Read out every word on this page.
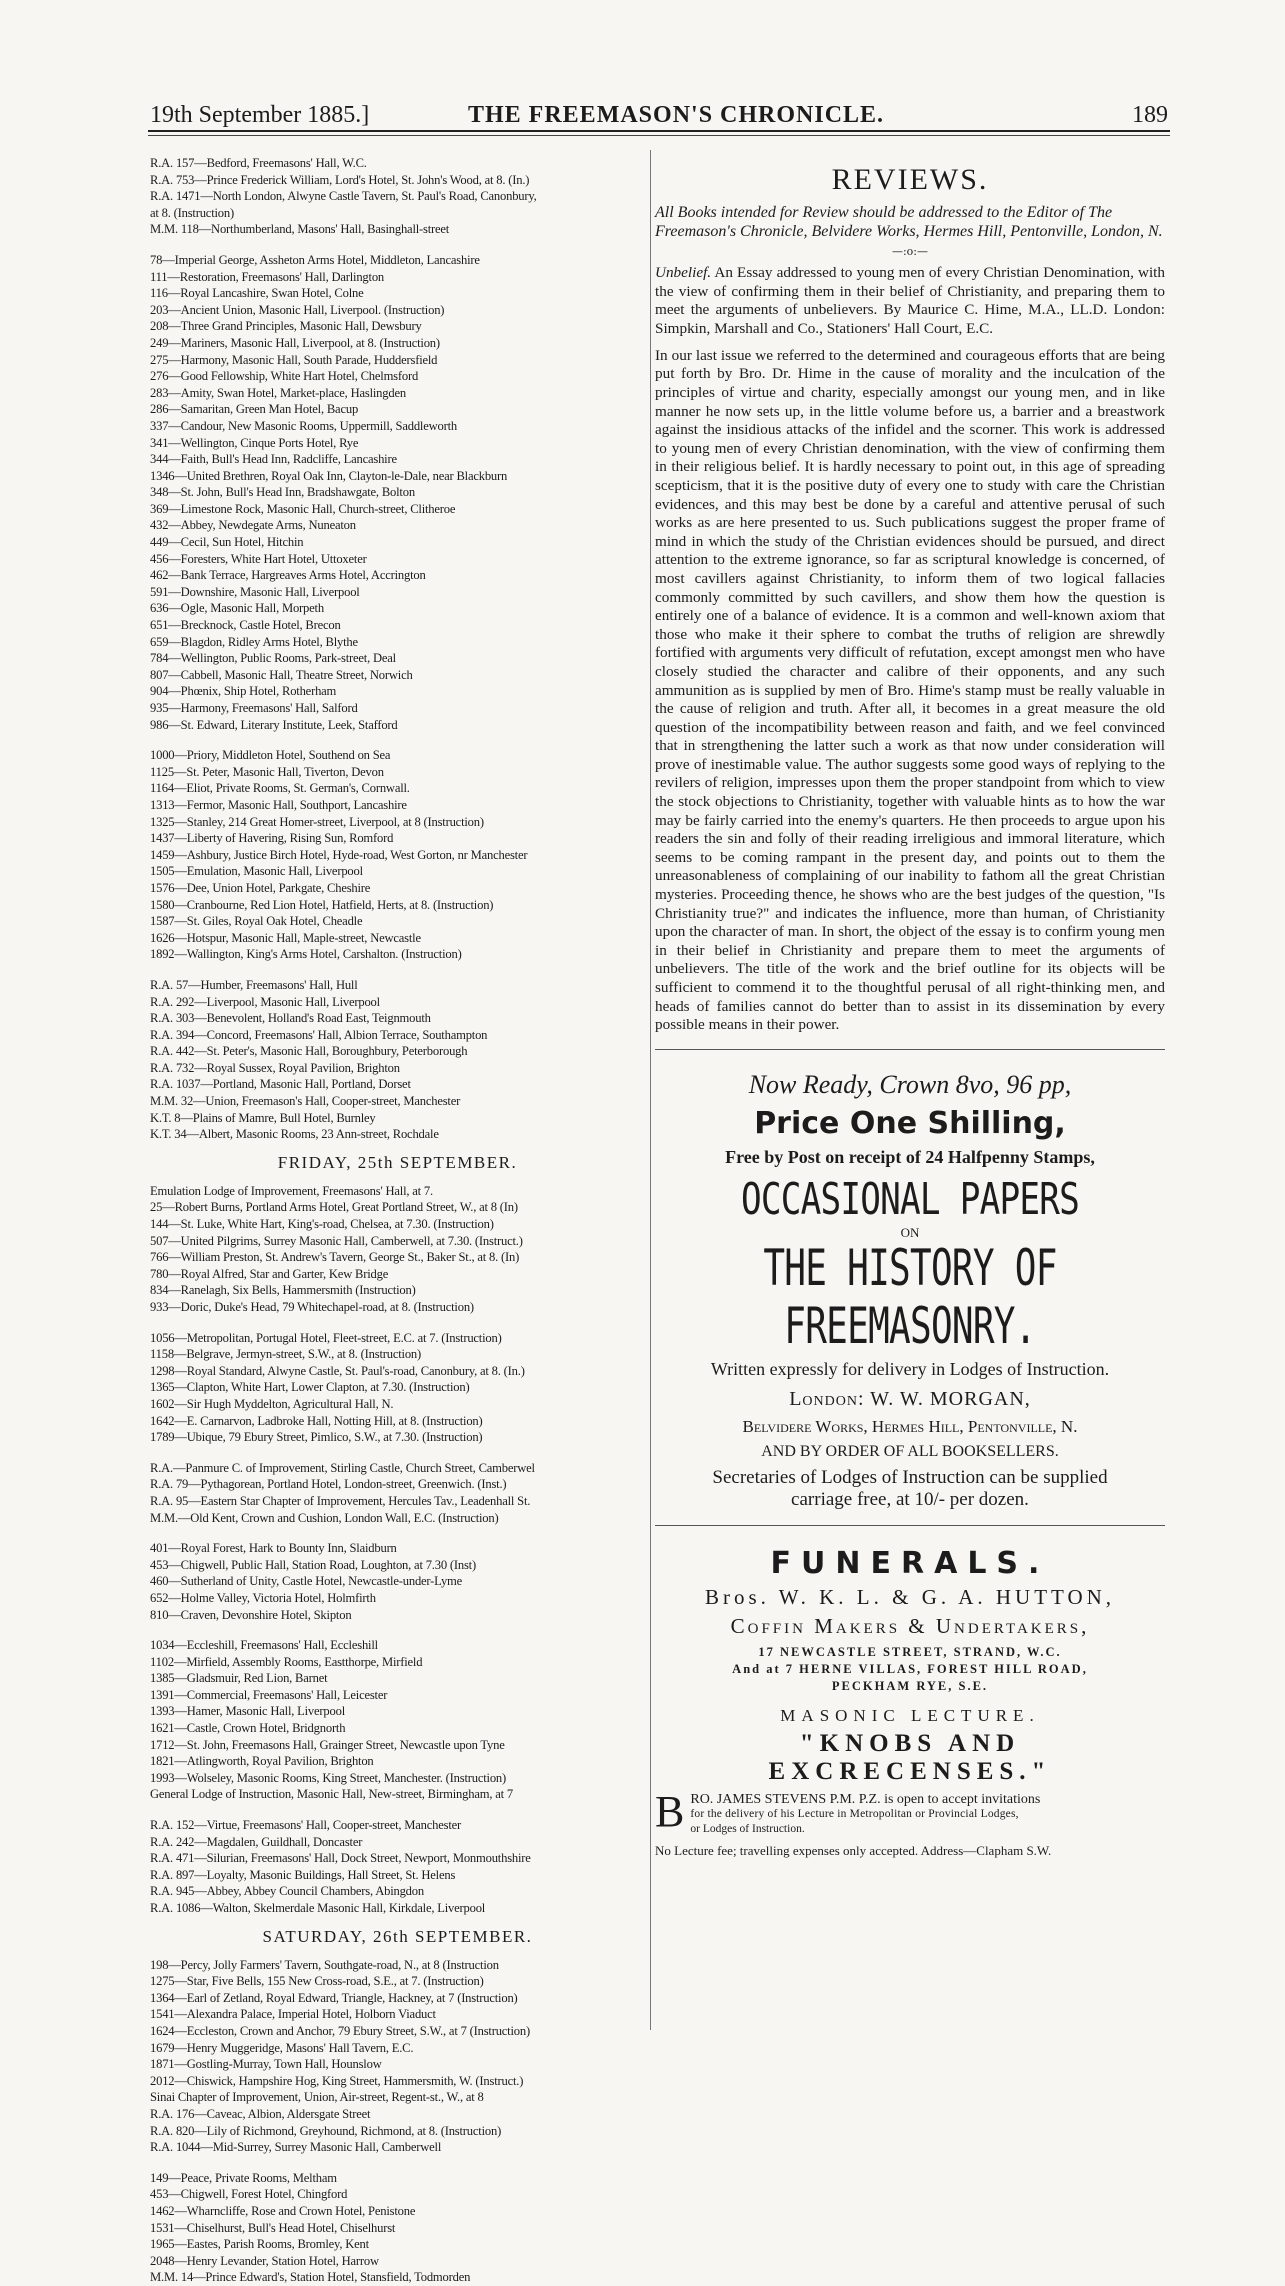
19th September 1885.]	THE FREEMASON'S CHRONICLE.	189
R.A. 157—Bedford, Freemasons' Hall, W.C.
R.A. 753—Prince Frederick William, Lord's Hotel, St. John's Wood, at 8. (In.)
R.A. 1471—North London, Alwyne Castle Tavern, St. Paul's Road, Canonbury,
at 8. (Instruction)
M.M. 118—Northumberland, Masons' Hall, Basinghall-street
78—Imperial George, Assheton Arms Hotel, Middleton, Lancashire
111—Restoration, Freemasons' Hall, Darlington
116—Royal Lancashire, Swan Hotel, Colne
203—Ancient Union, Masonic Hall, Liverpool. (Instruction)
208—Three Grand Principles, Masonic Hall, Dewsbury
249—Mariners, Masonic Hall, Liverpool, at 8. (Instruction)
275—Harmony, Masonic Hall, South Parade, Huddersfield
276—Good Fellowship, White Hart Hotel, Chelmsford
283—Amity, Swan Hotel, Market-place, Haslingden
286—Samaritan, Green Man Hotel, Bacup
337—Candour, New Masonic Rooms, Uppermill, Saddleworth
341—Wellington, Cinque Ports Hotel, Rye
344—Faith, Bull's Head Inn, Radcliffe, Lancashire
1346—United Brethren, Royal Oak Inn, Clayton-le-Dale, near Blackburn
348—St. John, Bull's Head Inn, Bradshawgate, Bolton
369—Limestone Rock, Masonic Hall, Church-street, Clitheroe
432—Abbey, Newdegate Arms, Nuneaton
449—Cecil, Sun Hotel, Hitchin
456—Foresters, White Hart Hotel, Uttoxeter
462—Bank Terrace, Hargreaves Arms Hotel, Accrington
591—Downshire, Masonic Hall, Liverpool
636—Ogle, Masonic Hall, Morpeth
651—Brecknock, Castle Hotel, Brecon
659—Blagdon, Ridley Arms Hotel, Blythe
784—Wellington, Public Rooms, Park-street, Deal
807—Cabbell, Masonic Hall, Theatre Street, Norwich
904—Phœnix, Ship Hotel, Rotherham
935—Harmony, Freemasons' Hall, Salford
986—St. Edward, Literary Institute, Leek, Stafford
1000—Priory, Middleton Hotel, Southend on Sea
1125—St. Peter, Masonic Hall, Tiverton, Devon
1164—Eliot, Private Rooms, St. German's, Cornwall.
1313—Fermor, Masonic Hall, Southport, Lancashire
1325—Stanley, 214 Great Homer-street, Liverpool, at 8 (Instruction)
1437—Liberty of Havering, Rising Sun, Romford
1459—Ashbury, Justice Birch Hotel, Hyde-road, West Gorton, nr Manchester
1505—Emulation, Masonic Hall, Liverpool
1576—Dee, Union Hotel, Parkgate, Cheshire
1580—Cranbourne, Red Lion Hotel, Hatfield, Herts, at 8. (Instruction)
1587—St. Giles, Royal Oak Hotel, Cheadle
1626—Hotspur, Masonic Hall, Maple-street, Newcastle
1892—Wallington, King's Arms Hotel, Carshalton. (Instruction)
R.A. 57—Humber, Freemasons' Hall, Hull
R.A. 292—Liverpool, Masonic Hall, Liverpool
R.A. 303—Benevolent, Holland's Road East, Teignmouth
R.A. 394—Concord, Freemasons' Hall, Albion Terrace, Southampton
R.A. 442—St. Peter's, Masonic Hall, Boroughbury, Peterborough
R.A. 732—Royal Sussex, Royal Pavilion, Brighton
R.A. 1037—Portland, Masonic Hall, Portland, Dorset
M.M. 32—Union, Freemason's Hall, Cooper-street, Manchester
K.T. 8—Plains of Mamre, Bull Hotel, Burnley
K.T. 34—Albert, Masonic Rooms, 23 Ann-street, Rochdale
FRIDAY, 25th SEPTEMBER.
Emulation Lodge of Improvement, Freemasons' Hall, at 7.
25—Robert Burns, Portland Arms Hotel, Great Portland Street, W., at 8 (In)
144—St. Luke, White Hart, King's-road, Chelsea, at 7.30. (Instruction)
507—United Pilgrims, Surrey Masonic Hall, Camberwell, at 7.30. (Instruct.)
766—William Preston, St. Andrew's Tavern, George St., Baker St., at 8. (In)
780—Royal Alfred, Star and Garter, Kew Bridge
834—Ranelagh, Six Bells, Hammersmith (Instruction)
933—Doric, Duke's Head, 79 Whitechapel-road, at 8. (Instruction)
1056—Metropolitan, Portugal Hotel, Fleet-street, E.C. at 7. (Instruction)
1158—Belgrave, Jermyn-street, S.W., at 8. (Instruction)
1298—Royal Standard, Alwyne Castle, St. Paul's-road, Canonbury, at 8. (In.)
1365—Clapton, White Hart, Lower Clapton, at 7.30. (Instruction)
1602—Sir Hugh Myddelton, Agricultural Hall, N.
1642—E. Carnarvon, Ladbroke Hall, Notting Hill, at 8. (Instruction)
1789—Ubique, 79 Ebury Street, Pimlico, S.W., at 7.30. (Instruction)
R.A.—Panmure C. of Improvement, Stirling Castle, Church Street, Camberwel
R.A. 79—Pythagorean, Portland Hotel, London-street, Greenwich. (Inst.)
R.A. 95—Eastern Star Chapter of Improvement, Hercules Tav., Leadenhall St.
M.M.—Old Kent, Crown and Cushion, London Wall, E.C. (Instruction)
401—Royal Forest, Hark to Bounty Inn, Slaidburn
453—Chigwell, Public Hall, Station Road, Loughton, at 7.30 (Inst)
460—Sutherland of Unity, Castle Hotel, Newcastle-under-Lyme
652—Holme Valley, Victoria Hotel, Holmfirth
810—Craven, Devonshire Hotel, Skipton
1034—Eccleshill, Freemasons' Hall, Eccleshill
1102—Mirfield, Assembly Rooms, Eastthorpe, Mirfield
1385—Gladsmuir, Red Lion, Barnet
1391—Commercial, Freemasons' Hall, Leicester
1393—Hamer, Masonic Hall, Liverpool
1621—Castle, Crown Hotel, Bridgnorth
1712—St. John, Freemasons Hall, Grainger Street, Newcastle upon Tyne
1821—Atlingworth, Royal Pavilion, Brighton
1993—Wolseley, Masonic Rooms, King Street, Manchester. (Instruction)
General Lodge of Instruction, Masonic Hall, New-street, Birmingham, at 7
R.A. 152—Virtue, Freemasons' Hall, Cooper-street, Manchester
R.A. 242—Magdalen, Guildhall, Doncaster
R.A. 471—Silurian, Freemasons' Hall, Dock Street, Newport, Monmouthshire
R.A. 897—Loyalty, Masonic Buildings, Hall Street, St. Helens
R.A. 945—Abbey, Abbey Council Chambers, Abingdon
R.A. 1086—Walton, Skelmerdale Masonic Hall, Kirkdale, Liverpool
SATURDAY, 26th SEPTEMBER.
198—Percy, Jolly Farmers' Tavern, Southgate-road, N., at 8 (Instruction
1275—Star, Five Bells, 155 New Cross-road, S.E., at 7. (Instruction)
1364—Earl of Zetland, Royal Edward, Triangle, Hackney, at 7 (Instruction)
1541—Alexandra Palace, Imperial Hotel, Holborn Viaduct
1624—Eccleston, Crown and Anchor, 79 Ebury Street, S.W., at 7 (Instruction)
1679—Henry Muggeridge, Masons' Hall Tavern, E.C.
1871—Gostling-Murray, Town Hall, Hounslow
2012—Chiswick, Hampshire Hog, King Street, Hammersmith, W. (Instruct.)
Sinai Chapter of Improvement, Union, Air-street, Regent-st., W., at 8
R.A. 176—Caveac, Albion, Aldersgate Street
R.A. 820—Lily of Richmond, Greyhound, Richmond, at 8. (Instruction)
R.A. 1044—Mid-Surrey, Surrey Masonic Hall, Camberwell
149—Peace, Private Rooms, Meltham
453—Chigwell, Forest Hotel, Chingford
1462—Wharncliffe, Rose and Crown Hotel, Penistone
1531—Chiselhurst, Bull's Head Hotel, Chiselhurst
1965—Eastes, Parish Rooms, Bromley, Kent
2048—Henry Levander, Station Hotel, Harrow
M.M. 14—Prince Edward's, Station Hotel, Stansfield, Todmorden
REVIEWS.

All Books intended for Review should be addressed to the Editor of The Freemason's Chronicle, Belvidere Works, Hermes Hill, Pentonville, London, N.

—:o:—

Unbelief. An Essay addressed to young men of every Christian Denomination, with the view of confirming them in their belief of Christianity, and preparing them to meet the arguments of unbelievers. By Maurice C. Hime, M.A., LL.D. London: Simpkin, Marshall and Co., Stationers' Hall Court, E.C.

In our last issue we referred to the determined and courageous efforts that are being put forth by Bro. Dr. Hime in the cause of morality and the inculcation of the principles of virtue and charity, especially amongst our young men, and in like manner he now sets up, in the little volume before us, a barrier and a breastwork against the insidious attacks of the infidel and the scorner. This work is addressed to young men of every Christian denomination, with the view of confirming them in their religious belief. It is hardly necessary to point out, in this age of spreading scepticism, that it is the positive duty of every one to study with care the Christian evidences, and this may best be done by a careful and attentive perusal of such works as are here presented to us. Such publications suggest the proper frame of mind in which the study of the Christian evidences should be pursued, and direct attention to the extreme ignorance, so far as scriptural knowledge is concerned, of most cavillers against Christianity, to inform them of two logical fallacies commonly committed by such cavillers, and show them how the question is entirely one of a balance of evidence. It is a common and well-known axiom that those who make it their sphere to combat the truths of religion are shrewdly fortified with arguments very difficult of refutation, except amongst men who have closely studied the character and calibre of their opponents, and any such ammunition as is supplied by men of Bro. Hime's stamp must be really valuable in the cause of religion and truth. After all, it becomes in a great measure the old question of the incompatibility between reason and faith, and we feel convinced that in strengthening the latter such a work as that now under consideration will prove of inestimable value. The author suggests some good ways of replying to the revilers of religion, impresses upon them the proper standpoint from which to view the stock objections to Christianity, together with valuable hints as to how the war may be fairly carried into the enemy's quarters. He then proceeds to argue upon his readers the sin and folly of their reading irreligious and immoral literature, which seems to be coming rampant in the present day, and points out to them the unreasonableness of complaining of our inability to fathom all the great Christian mysteries. Proceeding thence, he shows who are the best judges of the question, "Is Christianity true?" and indicates the influence, more than human, of Christianity upon the character of man. In short, the object of the essay is to confirm young men in their belief in Christianity and prepare them to meet the arguments of unbelievers. The title of the work and the brief outline for its objects will be sufficient to commend it to the thoughtful perusal of all right-thinking men, and heads of families cannot do better than to assist in its dissemination by every possible means in their power.

Now Ready, Crown 8vo, 96 pp,

Price One Shilling,

Free by Post on receipt of 24 Halfpenny Stamps,

OCCASIONAL PAPERS

ON

THE HISTORY OF FREEMASONRY.

Written expressly for delivery in Lodges of Instruction.

London: W. W. MORGAN,

Belvidere Works, Hermes Hill, Pentonville, N.

AND BY ORDER OF ALL BOOKSELLERS.

Secretaries of Lodges of Instruction can be supplied

carriage free, at 10/- per dozen.

FUNERALS.

Bros. W. K. L. & G. A. HUTTON,

Coffin Makers & Undertakers,

17 NEWCASTLE STREET, STRAND, W.C.

And at 7 HERNE VILLAS, FOREST HILL ROAD,

PECKHAM RYE, S.E.

MASONIC LECTURE.

"KNOBS AND EXCRECENSES."

B RO. JAMES STEVENS P.M. P.Z. is open to accept invitations

for the delivery of his Lecture in Metropolitan or Provincial Lodges,

or Lodges of Instruction.

No Lecture fee; travelling expenses only accepted. Address—Clapham S.W.
